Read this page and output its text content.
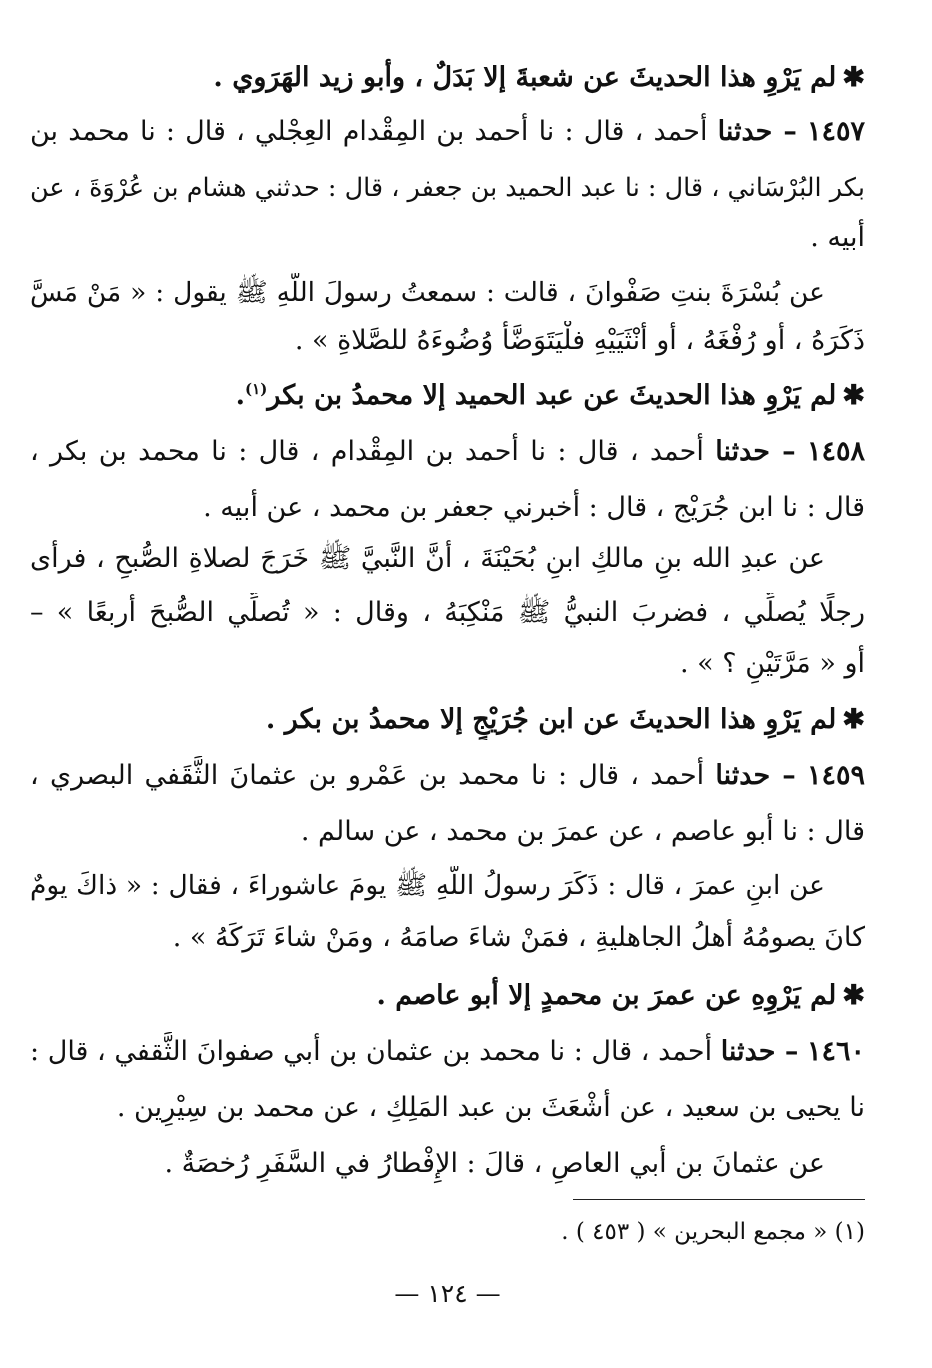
✱لم يَرْوِ هذا الحديثَ عن شعبةَ إلا بَدَلٌ ، وأبو زيد الهَرَوي .
١٤٥٧ – حدثنا أحمد ، قال : نا أحمد بن المِقْدام العِجْلي ، قال : نا محمد بن
بكر البُرْسَاني ، قال : نا عبد الحميد بن جعفر ، قال : حدثني هشام بن عُرْوَةَ ، عن
أبيه .
عن بُسْرَةَ بنتِ صَفْوانَ ، قالت : سمعتُ رسولَ اللَّهِ ﷺ يقول : « مَنْ مَسَّ
ذَكَرَهُ ، أو رُفْغَهُ ، أو أُنْثَيَيْهِ فلْيَتَوَضَّأْ وُضُوءَهُ للصَّلاةِ » .
✱لم يَرْوِ هذا الحديثَ عن عبد الحميد إلا محمدُ بن بكر$^{(١)}$.
١٤٥٨ – حدثنا أحمد ، قال : نا أحمد بن المِقْدام ، قال : نا محمد بن بكر ،
قال : نا ابن جُرَيْج ، قال : أخبرني جعفر بن محمد ، عن أبيه .
عن عبدِ الله بنِ مالكِ ابنِ بُحَيْنَةَ ، أنَّ النَّبيَّ ﷺ خَرَجَ لصلاةِ الصُّبحِ ، فرأى
رجلًا يُصلِّي ، فضربَ النبيُّ ﷺ مَنْكِبَهُ ، وقال : « تُصلِّي الصُّبحَ أربعًا » –
أو « مَرَّتَيْنِ ؟ » .
✱لم يَرْوِ هذا الحديثَ عن ابن جُرَيْجٍ إلا محمدُ بن بكر .
١٤٥٩ – حدثنا أحمد ، قال : نا محمد بن عَمْرو بن عثمانَ الثَّقَفي البصري ،
قال : نا أبو عاصم ، عن عمرَ بن محمد ، عن سالم .
عن ابنِ عمرَ ، قال : ذَكَرَ رسولُ اللَّهِ ﷺ يومَ عاشوراءَ ، فقال : « ذاكَ يومٌ
كانَ يصومُهُ أهلُ الجاهليةِ ، فمَنْ شاءَ صامَهُ ، ومَنْ شاءَ تَرَكَهُ » .
✱لم يَرْوِهِ عن عمرَ بن محمدٍ إلا أبو عاصم .
١٤٦٠ – حدثنا أحمد ، قال : نا محمد بن عثمان بن أبي صفوانَ الثَّقفي ، قال :
نا يحيى بن سعيد ، عن أَشْعَثَ بن عبد المَلِكِ ، عن محمد بن سِيْرِين .
عن عثمانَ بن أبي العاصِ ، قالَ : الإِفْطارُ في السَّفَرِ رُخصَةٌ .
(١) « مجمع البحرين » ( ٤٥٣ ) .
— ١٢٤ —
